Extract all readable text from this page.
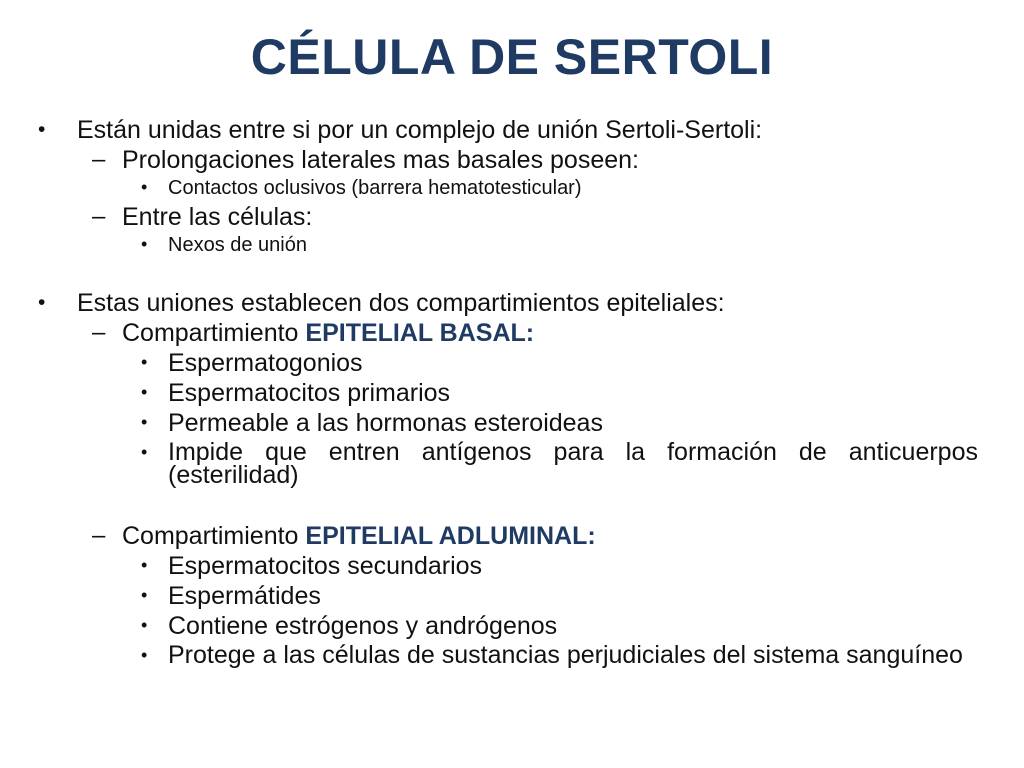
CÉLULA DE SERTOLI
• Están unidas entre si por un complejo de unión Sertoli-Sertoli:
– Prolongaciones laterales mas basales poseen:
• Contactos oclusivos (barrera hematotesticular)
– Entre las células:
• Nexos de unión
• Estas uniones establecen dos compartimientos epiteliales:
– Compartimiento EPITELIAL BASAL:
• Espermatogonios
• Espermatocitos primarios
• Permeable a las hormonas esteroideas
• Impide que entren antígenos para la formación de anticuerpos (esterilidad)
– Compartimiento EPITELIAL ADLUMINAL:
• Espermatocitos secundarios
• Espermátides
• Contiene estrógenos y andrógenos
• Protege a las células de sustancias perjudiciales del sistema sanguíneo
